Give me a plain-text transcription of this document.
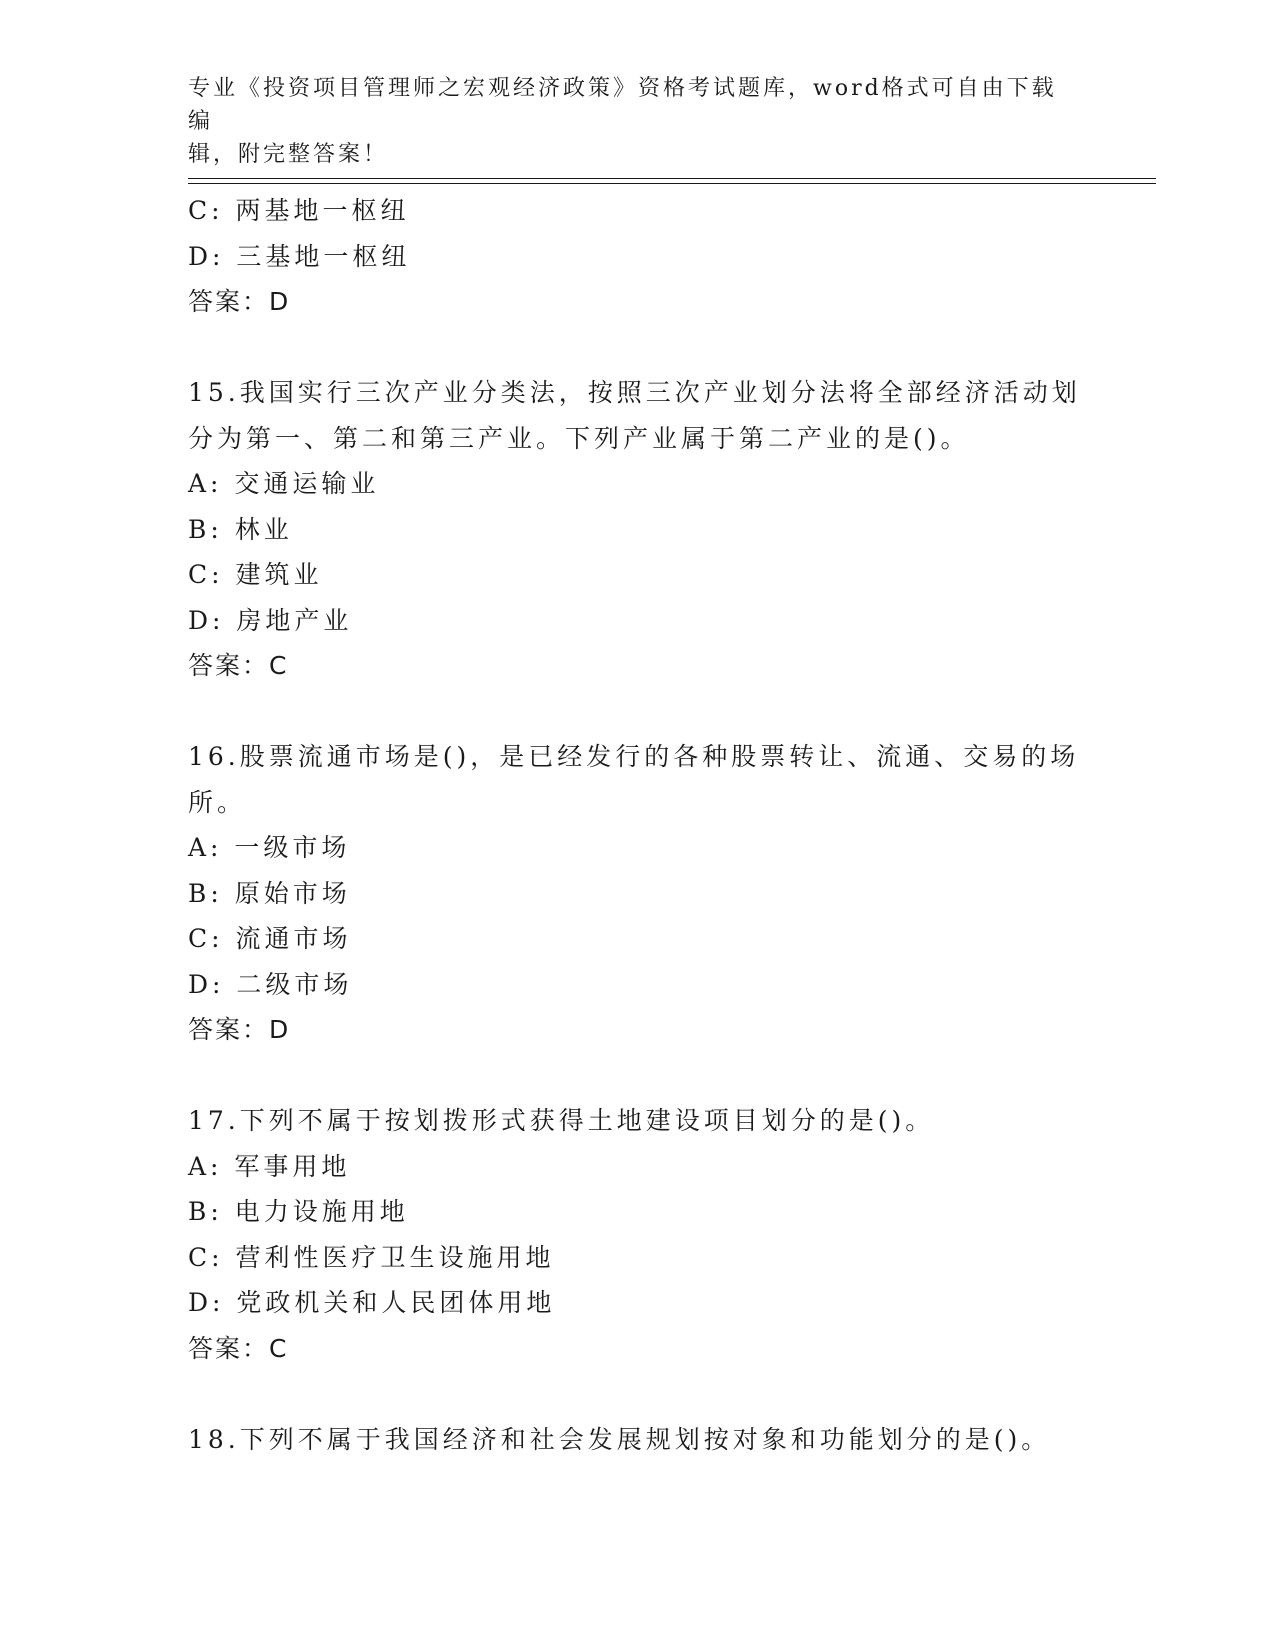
专业《投资项目管理师之宏观经济政策》资格考试题库，word格式可自由下载编
辑，附完整答案！
C: 两基地一枢纽
D: 三基地一枢纽
答案：D
15.我国实行三次产业分类法，按照三次产业划分法将全部经济活动划
分为第一、第二和第三产业。下列产业属于第二产业的是()。
A: 交通运输业
B: 林业
C: 建筑业
D: 房地产业
答案：C
16.股票流通市场是()，是已经发行的各种股票转让、流通、交易的场
所。
A: 一级市场
B: 原始市场
C: 流通市场
D: 二级市场
答案：D
17.下列不属于按划拨形式获得土地建设项目划分的是()。
A: 军事用地
B: 电力设施用地
C: 营利性医疗卫生设施用地
D: 党政机关和人民团体用地
答案：C
18.下列不属于我国经济和社会发展规划按对象和功能划分的是()。
